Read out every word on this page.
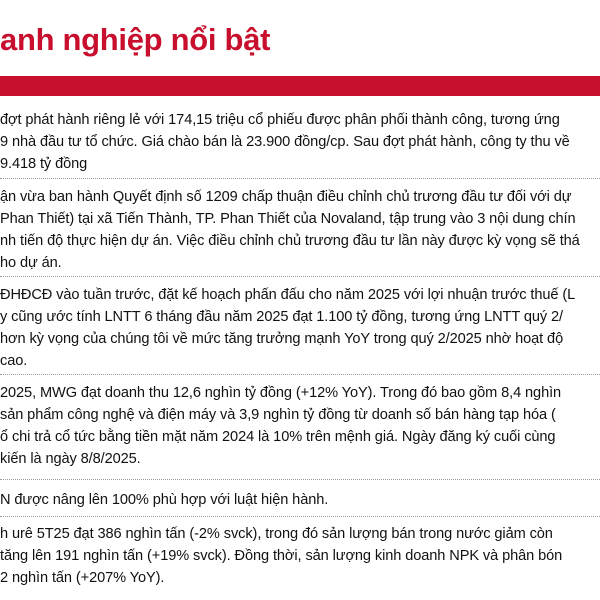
anh nghiệp nổi bật
đợt phát hành riêng lẻ với 174,15 triệu cổ phiếu được phân phối thành công, tương ứng
9 nhà đầu tư tổ chức. Giá chào bán là 23.900 đồng/cp. Sau đợt phát hành, công ty thu về
9.418 tỷ đồng
ận vừa ban hành Quyết định số 1209 chấp thuận điều chỉnh chủ trương đầu tư đối với dự
Phan Thiết) tại xã Tiến Thành, TP. Phan Thiết của Novaland, tập trung vào 3 nội dung chín
nh tiến độ thực hiện dự án. Việc điều chỉnh chủ trương đầu tư lần này được kỳ vọng sẽ thá
ho dự án.
ĐHĐCĐ vào tuần trước, đặt kế hoạch phấn đấu cho năm 2025 với lợi nhuận trước thuế (L
y cũng ước tính LNTT 6 tháng đầu năm 2025 đạt 1.100 tỷ đồng, tương ứng LNTT quý 2/
hơn kỳ vọng của chúng tôi về mức tăng trưởng mạnh YoY trong quý 2/2025 nhờ hoạt độ
cao.
2025, MWG đạt doanh thu 12,6 nghìn tỷ đồng (+12% YoY). Trong đó bao gồm 8,4 nghìn
sản phẩm công nghệ và điện máy và 3,9 nghìn tỷ đồng từ doanh số bán hàng tạp hóa (
ổ chi trả cổ tức bằng tiền mặt năm 2024 là 10% trên mệnh giá. Ngày đăng ký cuối cùng
kiến là ngày 8/8/2025.
N được nâng lên 100% phù hợp với luật hiện hành.
h urê 5T25 đạt 386 nghìn tấn (-2% svck), trong đó sản lượng bán trong nước giảm còn
tăng lên 191 nghìn tấn (+19% svck). Đồng thời, sản lượng kinh doanh NPK và phân bón
2 nghìn tấn (+207% YoY).
